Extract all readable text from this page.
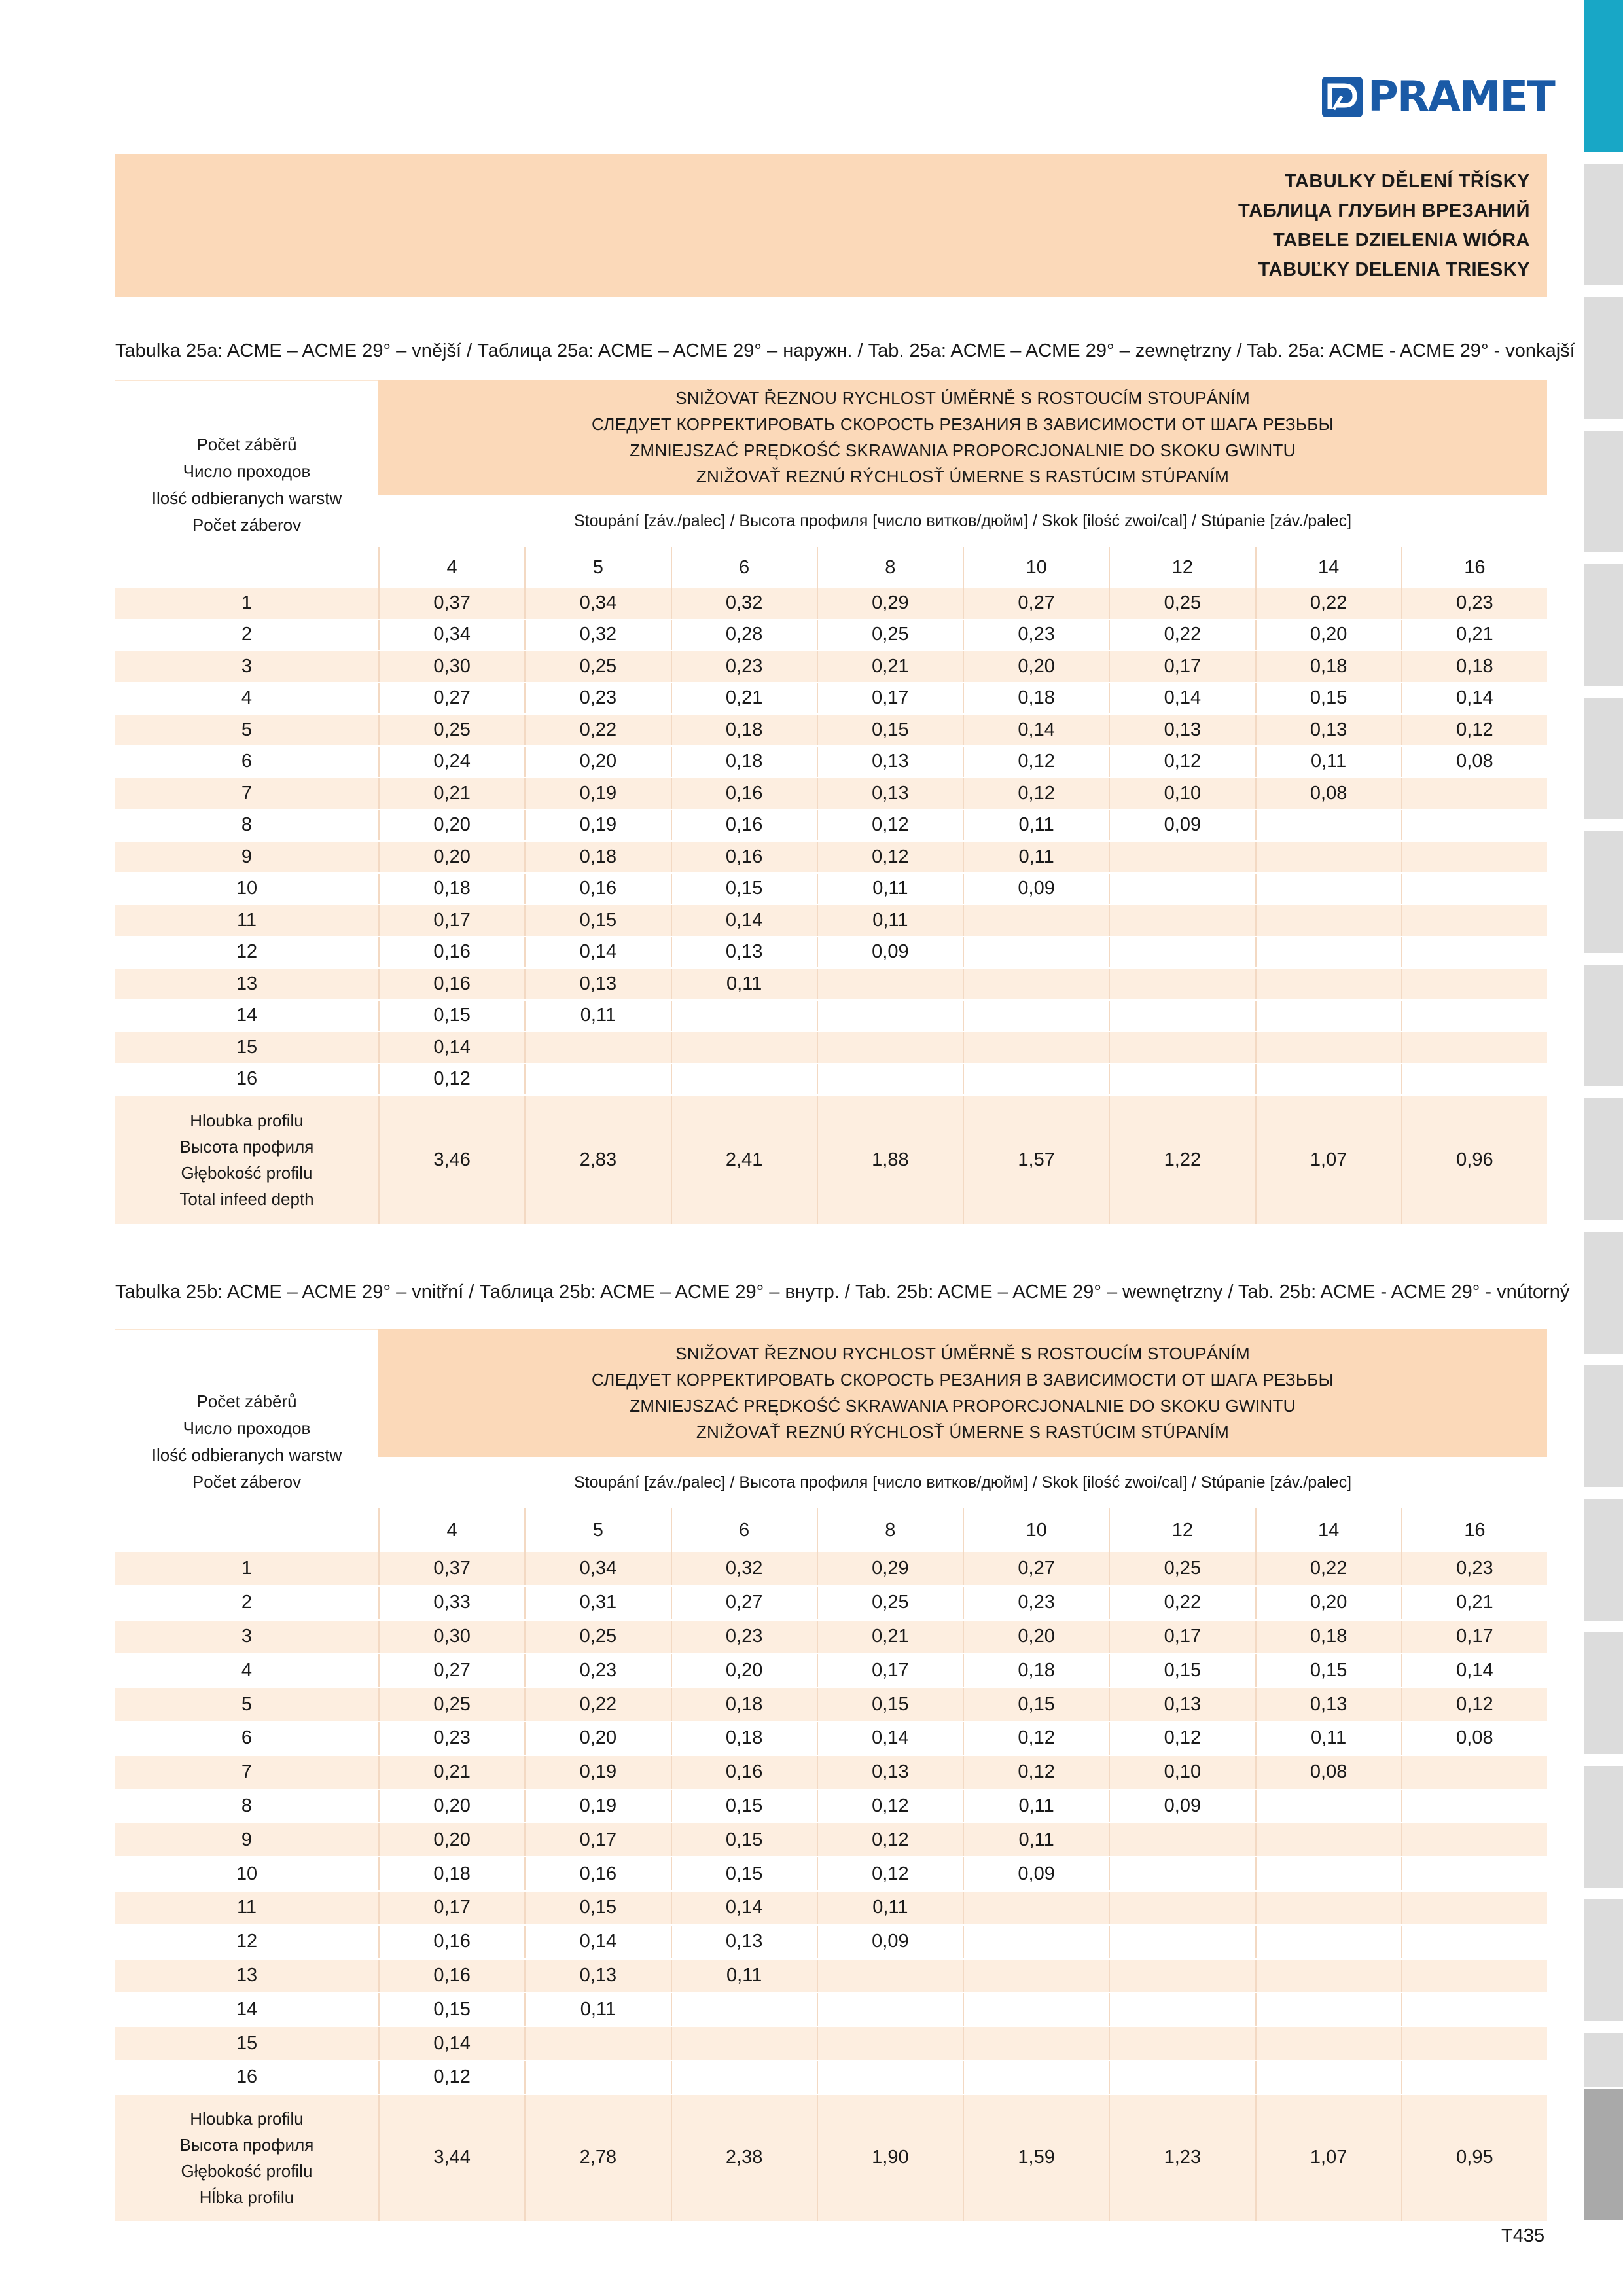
PRAMET
TABULKY DĚLENÍ TŘÍSKY
ТАБЛИЦА ГЛУБИН ВРЕЗАНИЙ
TABELE DZIELENIA WIÓRA
TABUĽKY DELENIA TRIESKY
Tabulka 25a: ACME – ACME 29° – vnější / Таблица 25a: ACME – ACME 29° – наружн. / Tab. 25a: ACME – ACME 29° – zewnętrzny / Tab. 25a: ACME - ACME 29° - vonkajší
Počet záběrů
Число проходов
Ilość odbieranych warstw
Počet záberov
SNIŽOVAT ŘEZNOU RYCHLOST ÚMĚRNĚ S ROSTOUCÍM STOUPÁNÍM
СЛЕДУЕТ КОРРЕКТИРОВАТЬ СКОРОСТЬ РЕЗАНИЯ В ЗАВИСИМОСТИ ОТ ШАГА РЕЗЬБЫ
ZMNIEJSZAĆ PRĘDKOŚĆ SKRAWANIA PROPORCJONALNIE DO SKOKU GWINTU
ZNIŽOVAŤ REZNÚ RÝCHLOSŤ ÚMERNE S RASTÚCIM STÚPANÍM
Stoupání [záv./palec] / Высота профиля [число витков/дюйм] / Skok [ilość zwoi/cal] / Stúpanie [záv./palec]
4	5	6	8	10	12	14	16
1	0,37	0,34	0,32	0,29	0,27	0,25	0,22	0,23
2	0,34	0,32	0,28	0,25	0,23	0,22	0,20	0,21
3	0,30	0,25	0,23	0,21	0,20	0,17	0,18	0,18
4	0,27	0,23	0,21	0,17	0,18	0,14	0,15	0,14
5	0,25	0,22	0,18	0,15	0,14	0,13	0,13	0,12
6	0,24	0,20	0,18	0,13	0,12	0,12	0,11	0,08
7	0,21	0,19	0,16	0,13	0,12	0,10	0,08
8	0,20	0,19	0,16	0,12	0,11	0,09
9	0,20	0,18	0,16	0,12	0,11
10	0,18	0,16	0,15	0,11	0,09
11	0,17	0,15	0,14	0,11
12	0,16	0,14	0,13	0,09
13	0,16	0,13	0,11
14	0,15	0,11
15	0,14
16	0,12
Hloubka profilu
Высота профиля
Głębokość profilu
Total infeed depth
3,46	2,83	2,41	1,88	1,57	1,22	1,07	0,96
Tabulka 25b: ACME – ACME 29° – vnitřní / Таблица 25b: ACME – ACME 29° – внутр. / Tab. 25b: ACME – ACME 29° – wewnętrzny / Tab. 25b: ACME - ACME 29° - vnútorný
Počet záběrů
Число проходов
Ilość odbieranych warstw
Počet záberov
SNIŽOVAT ŘEZNOU RYCHLOST ÚMĚRNĚ S ROSTOUCÍM STOUPÁNÍM
СЛЕДУЕТ КОРРЕКТИРОВАТЬ СКОРОСТЬ РЕЗАНИЯ В ЗАВИСИМОСТИ ОТ ШАГА РЕЗЬБЫ
ZMNIEJSZAĆ PRĘDKOŚĆ SKRAWANIA PROPORCJONALNIE DO SKOKU GWINTU
ZNIŽOVAŤ REZNÚ RÝCHLOSŤ ÚMERNE S RASTÚCIM STÚPANÍM
Stoupání [záv./palec] / Высота профиля [число витков/дюйм] / Skok [ilość zwoi/cal] / Stúpanie [záv./palec]
4	5	6	8	10	12	14	16
1	0,37	0,34	0,32	0,29	0,27	0,25	0,22	0,23
2	0,33	0,31	0,27	0,25	0,23	0,22	0,20	0,21
3	0,30	0,25	0,23	0,21	0,20	0,17	0,18	0,17
4	0,27	0,23	0,20	0,17	0,18	0,15	0,15	0,14
5	0,25	0,22	0,18	0,15	0,15	0,13	0,13	0,12
6	0,23	0,20	0,18	0,14	0,12	0,12	0,11	0,08
7	0,21	0,19	0,16	0,13	0,12	0,10	0,08
8	0,20	0,19	0,15	0,12	0,11	0,09
9	0,20	0,17	0,15	0,12	0,11
10	0,18	0,16	0,15	0,12	0,09
11	0,17	0,15	0,14	0,11
12	0,16	0,14	0,13	0,09
13	0,16	0,13	0,11
14	0,15	0,11
15	0,14
16	0,12
Hloubka profilu
Высота профиля
Głębokość profilu
Hĺbka profilu
3,44	2,78	2,38	1,90	1,59	1,23	1,07	0,95
T435
